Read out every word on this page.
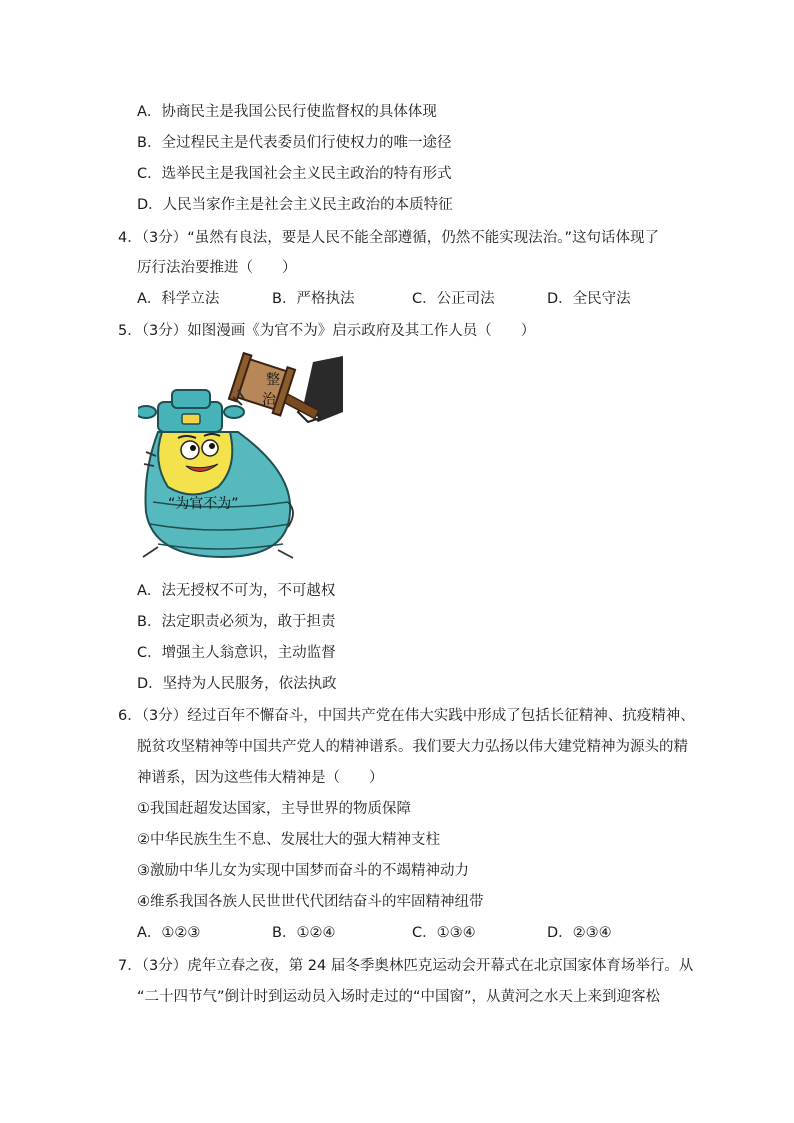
A．协商民主是我国公民行使监督权的具体体现
B．全过程民主是代表委员们行使权力的唯一途径
C．选举民主是我国社会主义民主政治的特有形式
D．人民当家作主是社会主义民主政治的本质特征
4．（3分）“虽然有良法，要是人民不能全部遵循，仍然不能实现法治。”这句话体现了
厉行法治要推进（　　）
A．科学立法	B．严格执法	C．公正司法	D．全民守法
5．（3分）如图漫画《为官不为》启示政府及其工作人员（　　）
整
治
“为官不为”
A．法无授权不可为，不可越权
B．法定职责必须为，敢于担责
C．增强主人翁意识，主动监督
D．坚持为人民服务，依法执政
6．（3分）经过百年不懈奋斗，中国共产党在伟大实践中形成了包括长征精神、抗疫精神、
脱贫攻坚精神等中国共产党人的精神谱系。我们要大力弘扬以伟大建党精神为源头的精
神谱系，因为这些伟大精神是（　　）
①我国赶超发达国家，主导世界的物质保障
②中华民族生生不息、发展壮大的强大精神支柱
③激励中华儿女为实现中国梦而奋斗的不竭精神动力
④维系我国各族人民世世代代团结奋斗的牢固精神纽带
A．①②③	B．①②④	C．①③④	D．②③④
7．（3分）虎年立春之夜，第 24 届冬季奥林匹克运动会开幕式在北京国家体育场举行。从
“二十四节气”倒计时到运动员入场时走过的“中国窗”，从黄河之水天上来到迎客松
